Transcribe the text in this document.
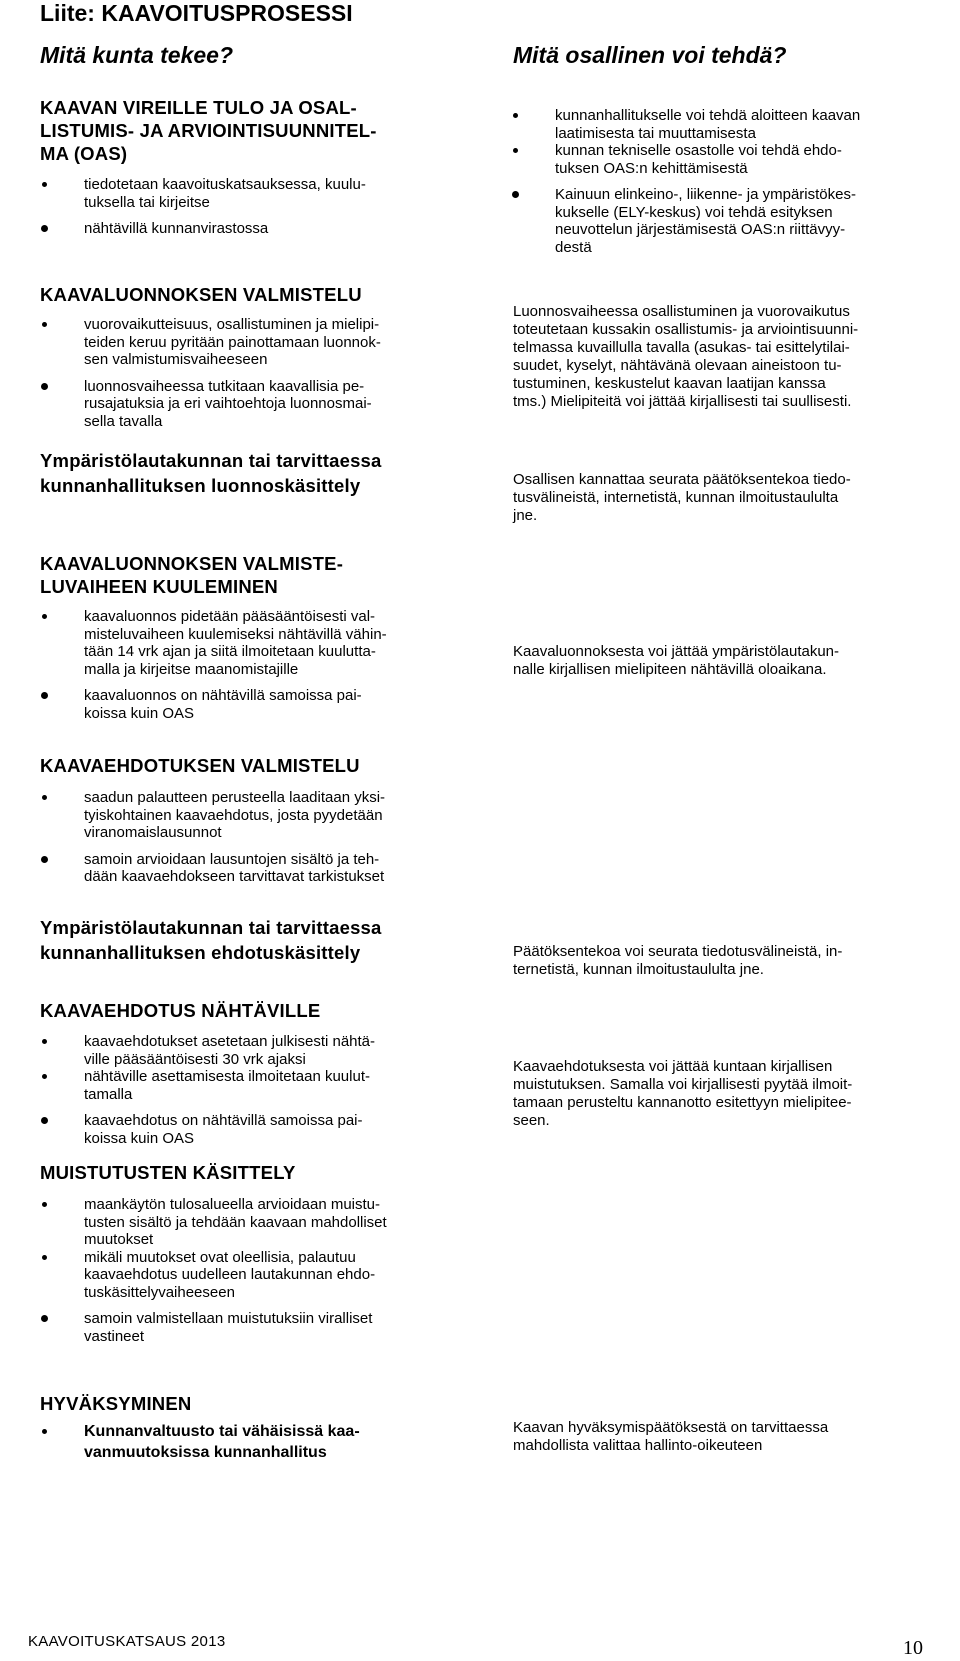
Liite: KAAVOITUSPROSESSI
Mitä kunta tekee?	Mitä osallinen voi tehdä?
KAAVAN VIREILLE TULO JA OSAL-
LISTUMIS- JA ARVIOINTISUUNNITEL-
MA (OAS)
tiedotetaan kaavoituskatsauksessa, kuulu-
tuksella tai kirjeitse
nähtävillä kunnanvirastossa
KAAVALUONNOKSEN VALMISTELU
vuorovaikutteisuus, osallistuminen ja mielipi-
teiden keruu pyritään painottamaan luonnok-
sen valmistumisvaiheeseen
luonnosvaiheessa tutkitaan kaavallisia pe-
rusajatuksia ja eri vaihtoehtoja luonnosmai-
sella tavalla
Ympäristölautakunnan tai tarvittaessa
kunnanhallituksen luonnoskäsittely
KAAVALUONNOKSEN VALMISTE-
LUVAIHEEN KUULEMINEN
kaavaluonnos pidetään pääsääntöisesti val-
misteluvaiheen kuulemiseksi nähtävillä vähin-
tään 14 vrk ajan ja siitä ilmoitetaan kuulutta-
malla ja kirjeitse maanomistajille
kaavaluonnos on nähtävillä samoissa pai-
koissa kuin OAS
KAAVAEHDOTUKSEN VALMISTELU
saadun palautteen perusteella laaditaan yksi-
tyiskohtainen kaavaehdotus, josta pyydetään
viranomaislausunnot
samoin arvioidaan lausuntojen sisältö ja teh-
dään kaavaehdokseen tarvittavat tarkistukset
Ympäristölautakunnan tai tarvittaessa
kunnanhallituksen ehdotuskäsittely
KAAVAEHDOTUS NÄHTÄVILLE
kaavaehdotukset asetetaan julkisesti nähtä-
ville pääsääntöisesti 30 vrk ajaksi
nähtäville asettamisesta ilmoitetaan kuulut-
tamalla
kaavaehdotus on nähtävillä samoissa pai-
koissa kuin OAS
MUISTUTUSTEN KÄSITTELY
maankäytön tulosalueella arvioidaan muistu-
tusten sisältö ja tehdään kaavaan mahdolliset
muutokset
mikäli muutokset ovat oleellisia, palautuu
kaavaehdotus uudelleen lautakunnan ehdo-
tuskäsittelyvaiheeseen
samoin valmistellaan muistutuksiin viralliset
vastineet
HYVÄKSYMINEN
Kunnanvaltuusto tai vähäisissä kaa-
vanmuutoksissa kunnanhallitus
kunnanhallitukselle voi tehdä aloitteen kaavan
laatimisesta tai muuttamisesta
kunnan tekniselle osastolle voi tehdä ehdo-
tuksen OAS:n kehittämisestä
Kainuun elinkeino-, liikenne- ja ympäristökes-
kukselle (ELY-keskus) voi tehdä esityksen
neuvottelun järjestämisestä OAS:n riittävyy-
destä
Luonnosvaiheessa osallistuminen ja vuorovaikutus
toteutetaan kussakin osallistumis- ja arviointisuunni-
telmassa kuvaillulla tavalla (asukas- tai esittelytilai-
suudet, kyselyt, nähtävänä olevaan aineistoon tu-
tustuminen, keskustelut kaavan laatijan kanssa
tms.) Mielipiteitä voi jättää kirjallisesti tai suullisesti.
Osallisen kannattaa seurata päätöksentekoa tiedo-
tusvälineistä, internetistä, kunnan ilmoitustaululta
jne.
Kaavaluonnoksesta voi jättää ympäristölautakun-
nalle kirjallisen mielipiteen nähtävillä oloaikana.
Päätöksentekoa voi seurata tiedotusvälineistä, in-
ternetistä, kunnan ilmoitustaululta jne.
Kaavaehdotuksesta voi jättää kuntaan kirjallisen
muistutuksen. Samalla voi kirjallisesti pyytää ilmoit-
tamaan perusteltu kannanotto esitettyyn mielipitee-
seen.
Kaavan hyväksymispäätöksestä on tarvittaessa
mahdollista valittaa hallinto-oikeuteen
KAAVOITUSKATSAUS 2013	10
